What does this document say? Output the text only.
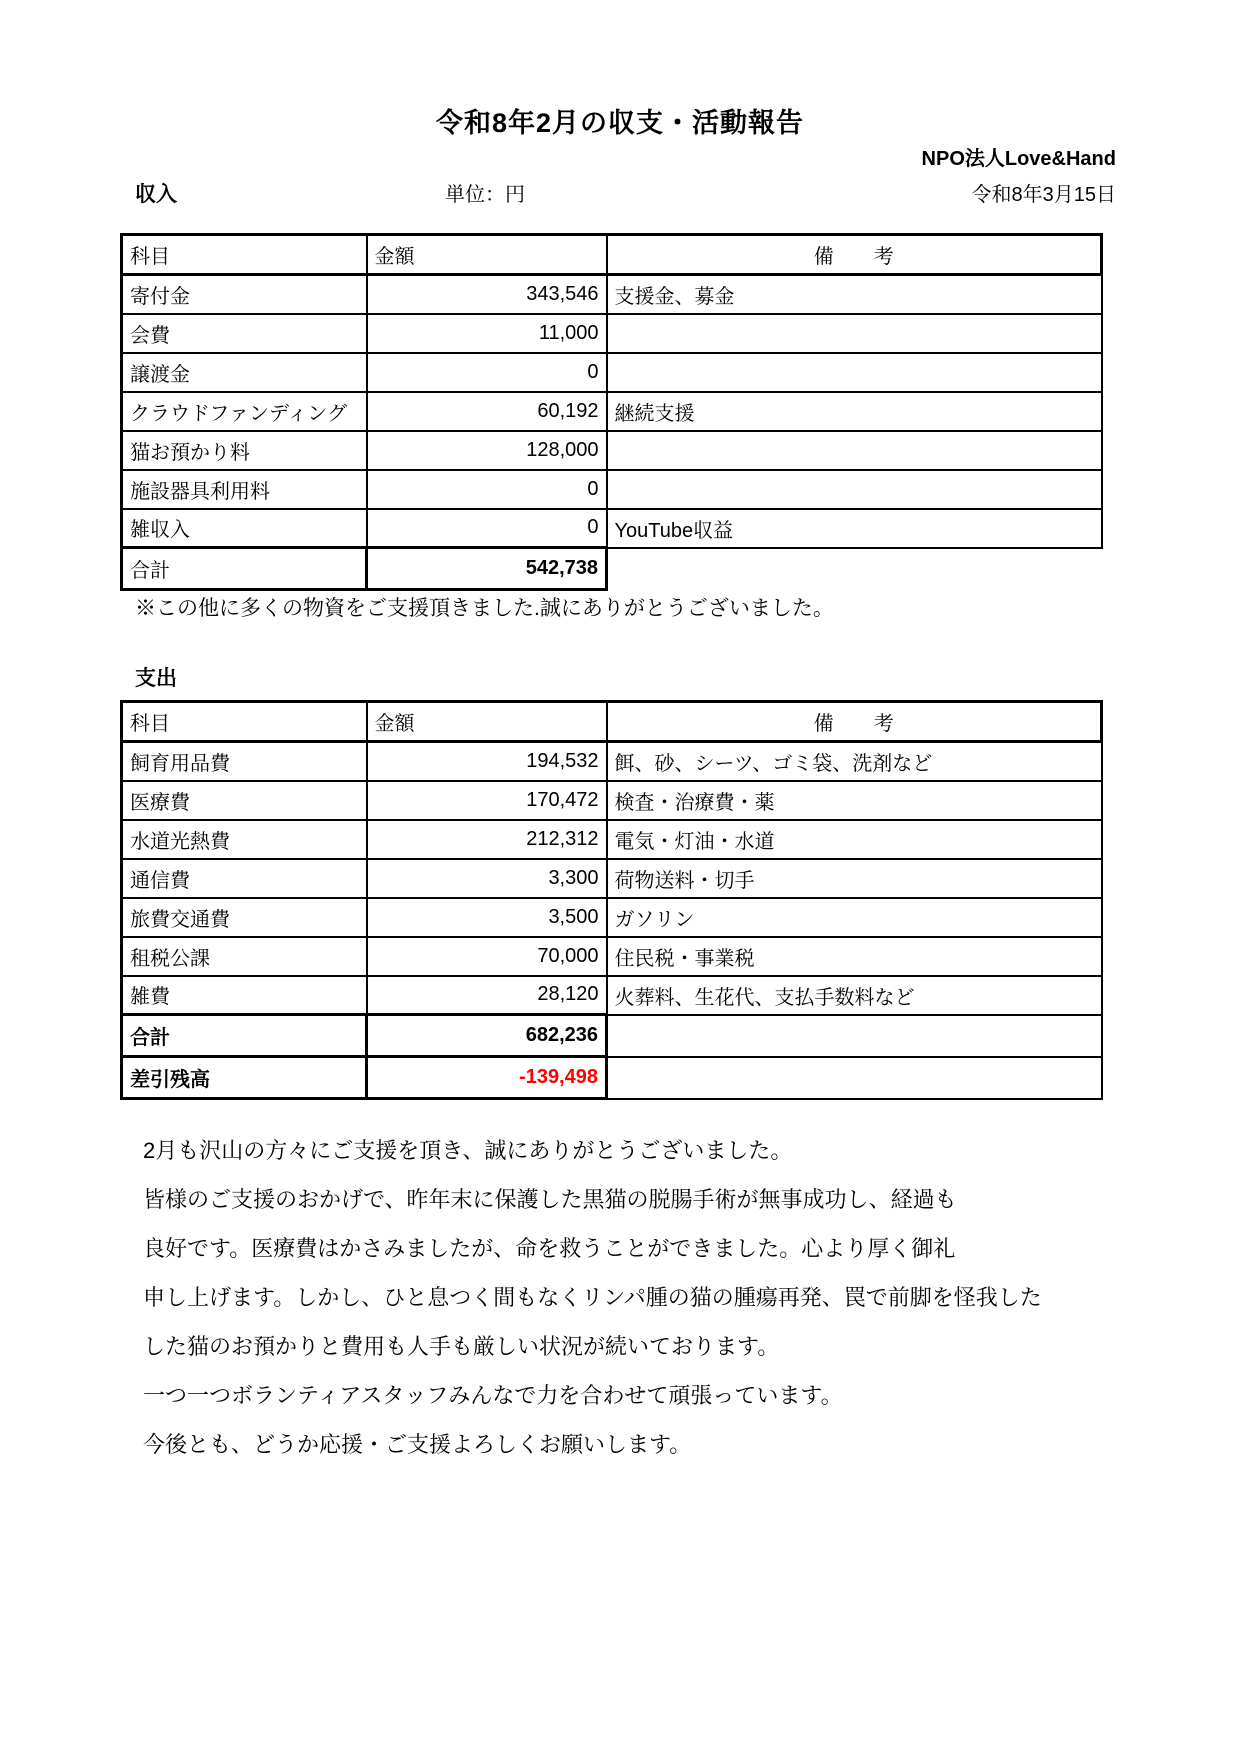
令和8年2月の収支・活動報告
NPO法人Love&Hand
収入	単位：円	令和8年3月15日
科目	金額	備　　考
寄付金	343,546	支援金、募金
会費	11,000	
譲渡金	0	
クラウドファンディング	60,192	継続支援
猫お預かり料	128,000	
施設器具利用料	0	
雑収入	0	YouTube収益
合計	542,738	
※この他に多くの物資をご支援頂きました.誠にありがとうございました。
支出
科目	金額	備　　考
飼育用品費	194,532	餌、砂、シーツ、ゴミ袋、洗剤など
医療費	170,472	検査・治療費・薬
水道光熱費	212,312	電気・灯油・水道
通信費	3,300	荷物送料・切手
旅費交通費	3,500	ガソリン
租税公課	70,000	住民税・事業税
雑費	28,120	火葬料、生花代、支払手数料など
合計	682,236	
差引残高	-139,498	
2月も沢山の方々にご支援を頂き、誠にありがとうございました。
皆様のご支援のおかげで、昨年末に保護した黒猫の脱腸手術が無事成功し、経過も
良好です。医療費はかさみましたが、命を救うことができました。心より厚く御礼
申し上げます。しかし、ひと息つく間もなくリンパ腫の猫の腫瘍再発、罠で前脚を怪我した
した猫のお預かりと費用も人手も厳しい状況が続いております。
一つ一つボランティアスタッフみんなで力を合わせて頑張っています。
今後とも、どうか応援・ご支援よろしくお願いします。
